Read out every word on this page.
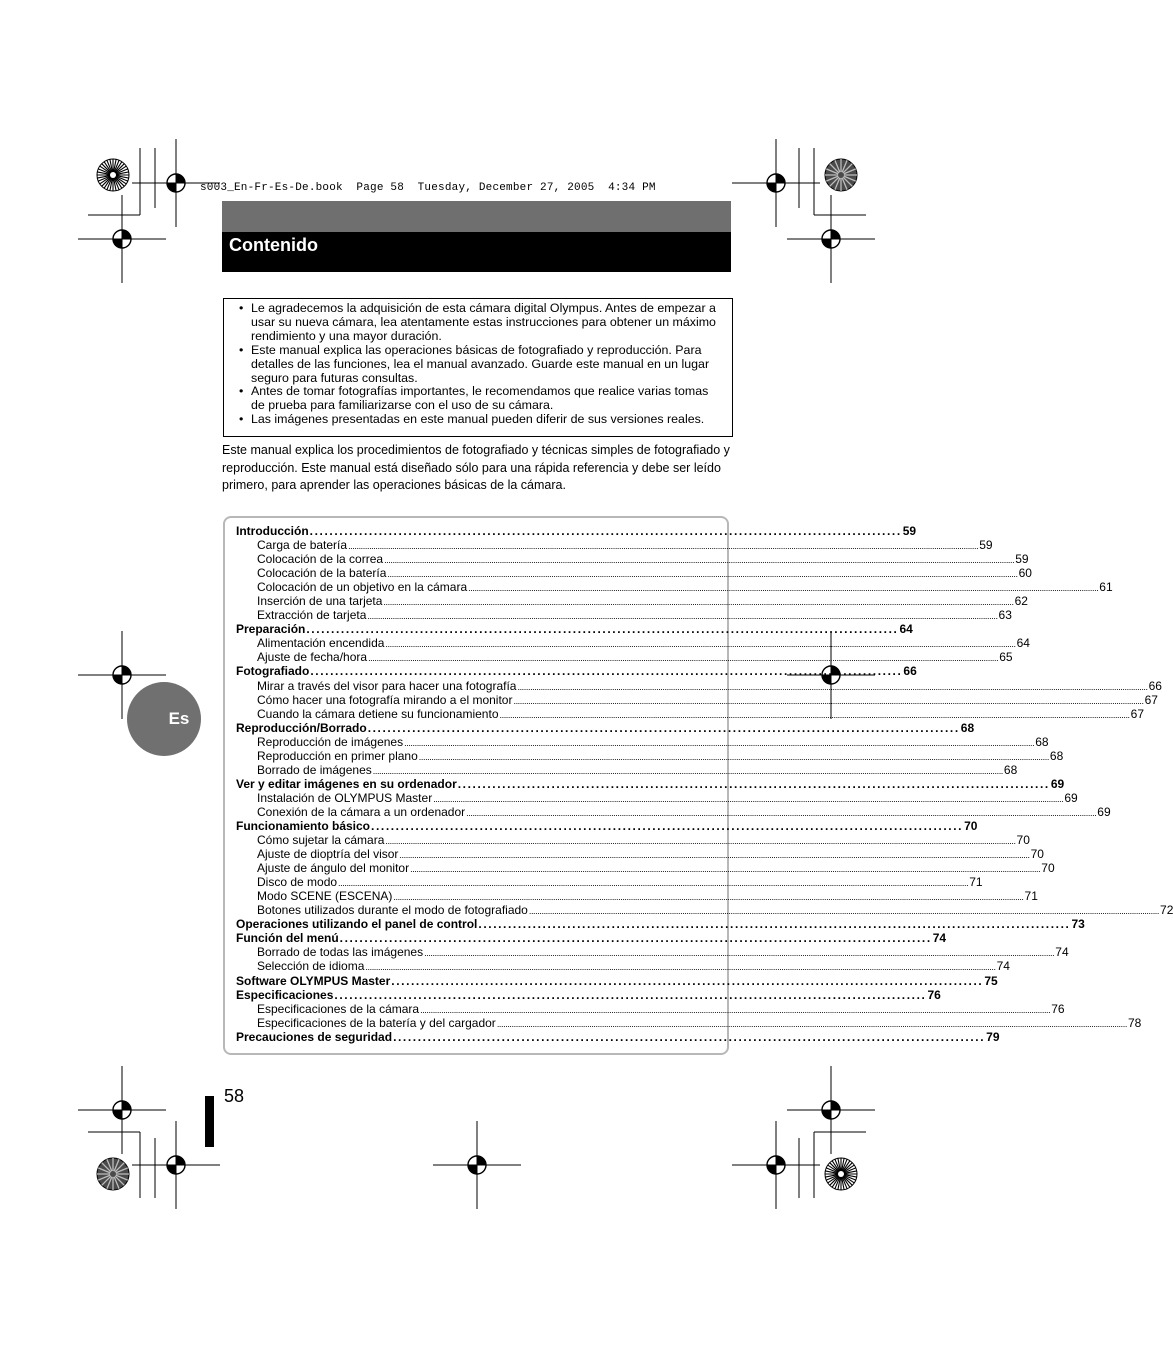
s003_En-Fr-Es-De.book  Page 58  Tuesday, December 27, 2005  4:34 PM
Contenido
• Le agradecemos la adquisición de esta cámara digital Olympus. Antes de empezar a usar su nueva cámara, lea atentamente estas instrucciones para obtener un máximo rendimiento y una mayor duración.
• Este manual explica las operaciones básicas de fotografiado y reproducción. Para detalles de las funciones, lea el manual avanzado. Guarde este manual en un lugar seguro para futuras consultas.
• Antes de tomar fotografías importantes, le recomendamos que realice varias tomas de prueba para familiarizarse con el uso de su cámara.
• Las imágenes presentadas en este manual pueden diferir de sus versiones reales.
Este manual explica los procedimientos de fotografiado y técnicas simples de fotografiado y reproducción. Este manual está diseñado sólo para una rápida referencia y debe ser leído primero, para aprender las operaciones básicas de la cámara.
Introducción ........................................................................................................................ 59
Carga de batería ............................................................................................................................................................................................................................................................................................................ 59
Colocación de la correa ............................................................................................................................................................................................................................................................................................................ 59
Colocación de la batería ............................................................................................................................................................................................................................................................................................................ 60
Colocación de un objetivo en la cámara ............................................................................................................................................................................................................................................................................................................ 61
Inserción de una tarjeta ............................................................................................................................................................................................................................................................................................................ 62
Extracción de tarjeta ............................................................................................................................................................................................................................................................................................................ 63
Preparación ........................................................................................................................ 64
Alimentación encendida ............................................................................................................................................................................................................................................................................................................ 64
Ajuste de fecha/hora ............................................................................................................................................................................................................................................................................................................ 65
Fotografiado ........................................................................................................................ 66
Mirar a través del visor para hacer una fotografía ............................................................................................................................................................................................................................................................................................................ 66
Cómo hacer una fotografía mirando a el monitor ............................................................................................................................................................................................................................................................................................................ 67
Cuando la cámara detiene su funcionamiento ............................................................................................................................................................................................................................................................................................................ 67
Reproducción/Borrado ........................................................................................................................ 68
Reproducción de imágenes ............................................................................................................................................................................................................................................................................................................ 68
Reproducción en primer plano ............................................................................................................................................................................................................................................................................................................ 68
Borrado de imágenes ............................................................................................................................................................................................................................................................................................................ 68
Ver y editar imágenes en su ordenador ........................................................................................................................ 69
Instalación de OLYMPUS Master ............................................................................................................................................................................................................................................................................................................ 69
Conexión de la cámara a un ordenador ............................................................................................................................................................................................................................................................................................................ 69
Funcionamiento básico ........................................................................................................................ 70
Cómo sujetar la cámara ............................................................................................................................................................................................................................................................................................................ 70
Ajuste de dioptría del visor ............................................................................................................................................................................................................................................................................................................ 70
Ajuste de ángulo del monitor ............................................................................................................................................................................................................................................................................................................ 70
Disco de modo ............................................................................................................................................................................................................................................................................................................ 71
Modo SCENE (ESCENA) ............................................................................................................................................................................................................................................................................................................ 71
Botones utilizados durante el modo de fotografiado ............................................................................................................................................................................................................................................................................................................ 72
Operaciones utilizando el panel de control ........................................................................................................................ 73
Función del menú ........................................................................................................................ 74
Borrado de todas las imágenes ............................................................................................................................................................................................................................................................................................................ 74
Selección de idioma ............................................................................................................................................................................................................................................................................................................ 74
Software OLYMPUS Master ........................................................................................................................ 75
Especificaciones ........................................................................................................................ 76
Especificaciones de la cámara ............................................................................................................................................................................................................................................................................................................ 76
Especificaciones de la batería y del cargador ............................................................................................................................................................................................................................................................................................................ 78
Precauciones de seguridad ........................................................................................................................ 79
Es
58
